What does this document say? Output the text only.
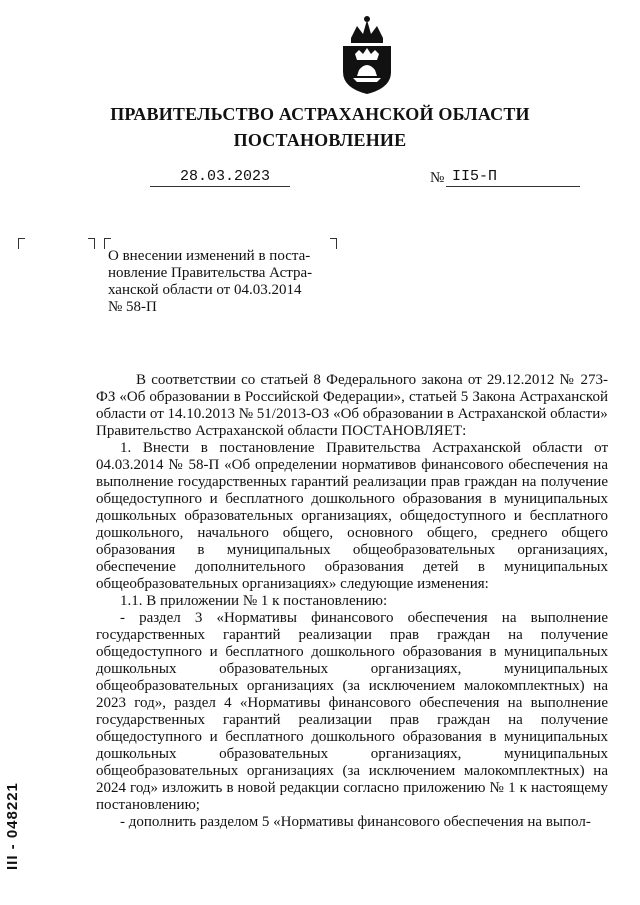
ПРАВИТЕЛЬСТВО АСТРАХАНСКОЙ ОБЛАСТИ
ПОСТАНОВЛЕНИЕ
28.03.2023	№ II5-П
О внесении изменений в поста-
новление Правительства Астра-
ханской области от 04.03.2014
№ 58-П

В соответствии со статьей 8 Федерального закона от 29.12.2012 № 273-ФЗ «Об образовании в Российской Федерации», статьей 5 Закона Астраханской области от 14.10.2013 № 51/2013-ОЗ «Об образовании в Астраханской области»

Правительство Астраханской области ПОСТАНОВЛЯЕТ:

1. Внести в постановление Правительства Астраханской области от 04.03.2014 № 58-П «Об определении нормативов финансового обеспечения на выполнение государственных гарантий реализации прав граждан на получение общедоступного и бесплатного дошкольного образования в муниципальных дошкольных образовательных организациях, общедоступного и бесплатного дошкольного, начального общего, основного общего, среднего общего образования в муниципальных общеобразовательных организациях, обеспечение дополнительного образования детей в муниципальных общеобразовательных организациях» следующие изменения:

1.1. В приложении № 1 к постановлению:

- раздел 3 «Нормативы финансового обеспечения на выполнение государственных гарантий реализации прав граждан на получение общедоступного и бесплатного дошкольного образования в муниципальных дошкольных образовательных организациях, муниципальных общеобразовательных организациях (за исключением малокомплектных) на 2023 год», раздел 4 «Нормативы финансового обеспечения на выполнение государственных гарантий реализации прав граждан на получение общедоступного и бесплатного дошкольного образования в муниципальных дошкольных образовательных организациях, муниципальных общеобразовательных организациях (за исключением малокомплектных) на 2024 год» изложить в новой редакции согласно приложению № 1 к настоящему постановлению;

- дополнить разделом 5 «Нормативы финансового обеспечения на выпол-

III - 048221
